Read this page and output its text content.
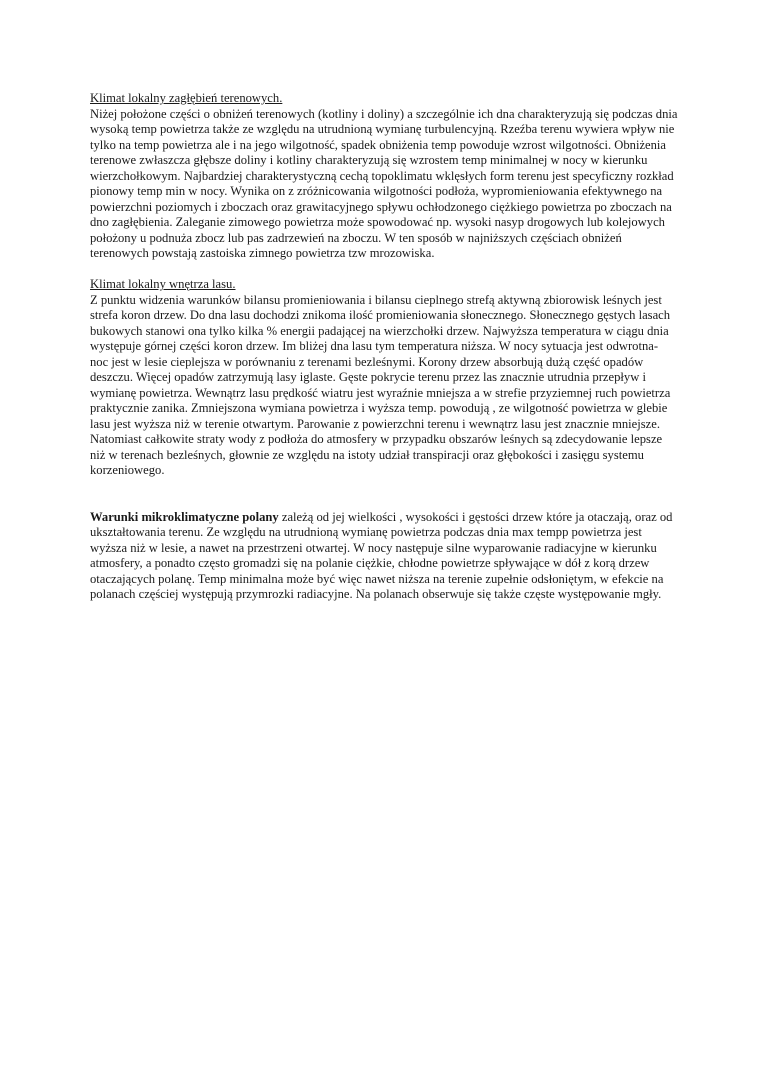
Klimat lokalny zagłębień terenowych.
Niżej położone części o obniżeń terenowych (kotliny i doliny) a szczególnie ich dna charakteryzują się podczas dnia wysoką temp powietrza także ze względu na utrudnioną wymianę turbulencyjną. Rzeźba terenu wywiera wpływ nie tylko na temp powietrza ale i na jego wilgotność, spadek obniżenia temp powoduje wzrost wilgotności. Obniżenia terenowe zwłaszcza głębsze doliny i kotliny charakteryzują się wzrostem temp minimalnej w nocy w kierunku wierzchołkowym. Najbardziej charakterystyczną cechą topoklimatu wklęsłych form terenu jest specyficzny rozkład pionowy temp min w nocy. Wynika on z zróżnicowania wilgotności podłoża, wypromieniowania efektywnego na powierzchni poziomych i zboczach oraz grawitacyjnego spływu ochłodzonego ciężkiego powietrza po zboczach na dno zagłębienia. Zaleganie zimowego powietrza może spowodować np. wysoki nasyp drogowych lub kolejowych położony u podnuża zbocz lub pas zadrzewień na zboczu. W ten sposób w najniższych częściach obniżeń terenowych powstają zastoiska zimnego powietrza tzw mrozowiska.
Klimat lokalny wnętrza lasu.
Z punktu widzenia warunków bilansu promieniowania i bilansu cieplnego strefą aktywną zbiorowisk leśnych jest strefa koron drzew. Do dna lasu dochodzi znikoma ilość promieniowania słonecznego. Słonecznego gęstych lasach bukowych stanowi ona tylko kilka % energii padającej na wierzchołki drzew. Najwyższa temperatura w ciągu dnia występuje górnej części koron drzew. Im bliżej dna lasu tym temperatura niższa. W nocy sytuacja jest odwrotna- noc jest w lesie cieplejsza w porównaniu z terenami bezleśnymi. Korony drzew absorbują dużą część opadów deszczu. Więcej opadów zatrzymują lasy iglaste. Gęste pokrycie terenu przez las znacznie utrudnia przepływ i wymianę powietrza. Wewnątrz lasu prędkość wiatru jest wyraźnie mniejsza a w strefie przyziemnej ruch powietrza praktycznie zanika. Zmniejszona wymiana powietrza i wyższa temp. powodują , ze wilgotność powietrza w glebie lasu jest wyższa niż w terenie otwartym. Parowanie z powierzchni terenu i wewnątrz lasu jest znacznie mniejsze. Natomiast całkowite straty wody z podłoża do atmosfery w przypadku obszarów leśnych są zdecydowanie lepsze niż w terenach bezleśnych, głownie ze względu na istoty udział transpiracji oraz głębokości i zasięgu systemu korzeniowego.
Warunki mikroklimatyczne polany zależą od jej wielkości , wysokości i gęstości drzew które ja otaczają, oraz od ukształtowania terenu. Ze względu na utrudnioną wymianę powietrza podczas dnia max tempp powietrza jest wyższa niż w lesie, a nawet na przestrzeni otwartej. W nocy następuje silne wyparowanie radiacyjne w kierunku atmosfery, a ponadto często gromadzi się na polanie ciężkie, chłodne powietrze spływające w dół z korą drzew otaczających polanę. Temp minimalna może być więc nawet niższa na terenie zupełnie odsłoniętym, w efekcie na polanach częściej występują przymrozki radiacyjne. Na polanach obserwuje się także częste występowanie mgły.
